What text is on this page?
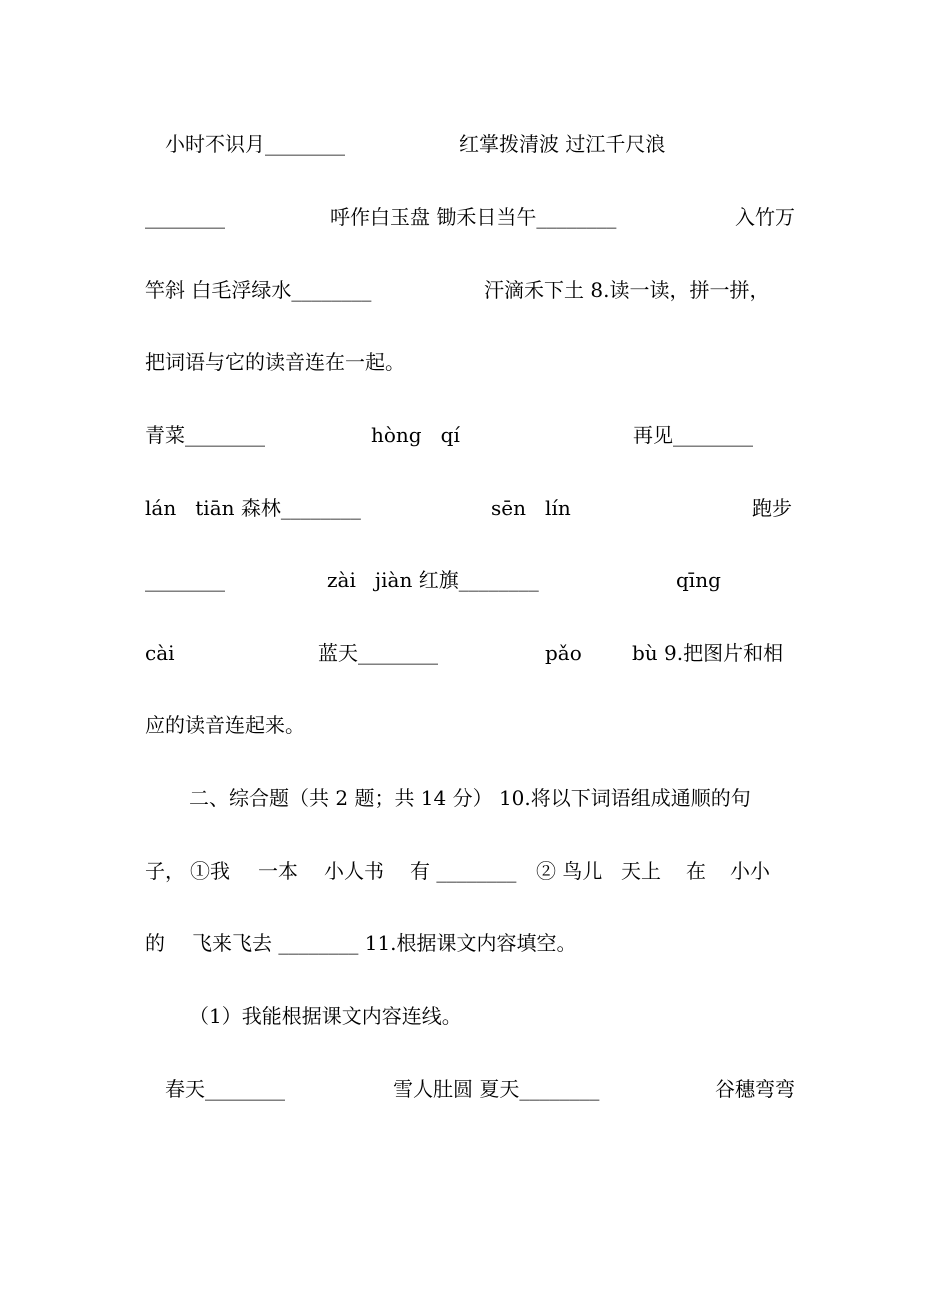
小时不识月________

	红掌拨清波 过江千尺浪

________

	呼作白玉盘 锄禾日当午________

	入竹万

竿斜 白毛浮绿水________

	汗滴禾下土 8.读一读，拼一拼，

把词语与它的读音连在一起。

青菜________

	hòng   qí

	再见________

lán   tiān 森林________

	sēn   lín

	跑步

________

	zài   jiàn 红旗________

	qīng

cài

	蓝天________

	pǎo

	bù 9.把图片和相

应的读音连起来。

二、综合题（共 2 题；共 14 分） 10.将以下词语组成通顺的句

子，

①我

一本

小人书

有 ________

② 鸟儿

天上

在

小小

的

飞来飞去 ________ 11.根据课文内容填空。

（1）我能根据课文内容连线。

春天________

	雪人肚圆 夏天________

	谷穗弯弯
